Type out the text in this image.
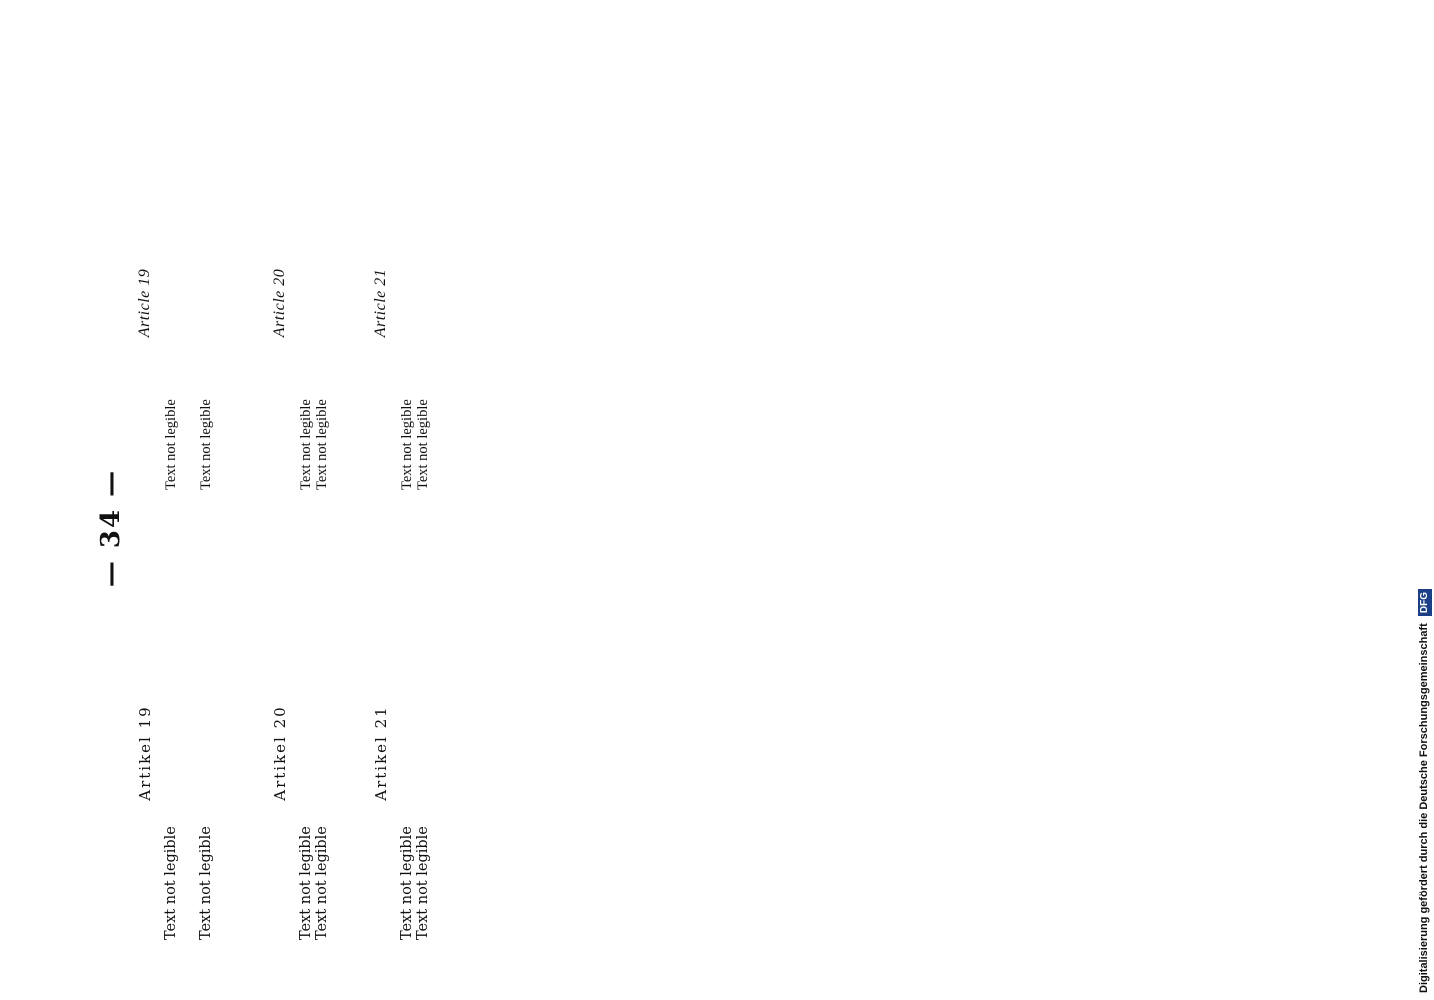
— 34 —
Artikel 19

Text not legible Text not legible

Artikel 20

Text not legible Text not legible

Artikel 21

Text not legible Text not legible

Article 19

Text not legible Text not legible

Article 20

Text not legible Text not legible

Article 21

Text not legible Text not legible

Digitalisierung gefördert durch die Deutsche Forschungsgemeinschaft DFG
